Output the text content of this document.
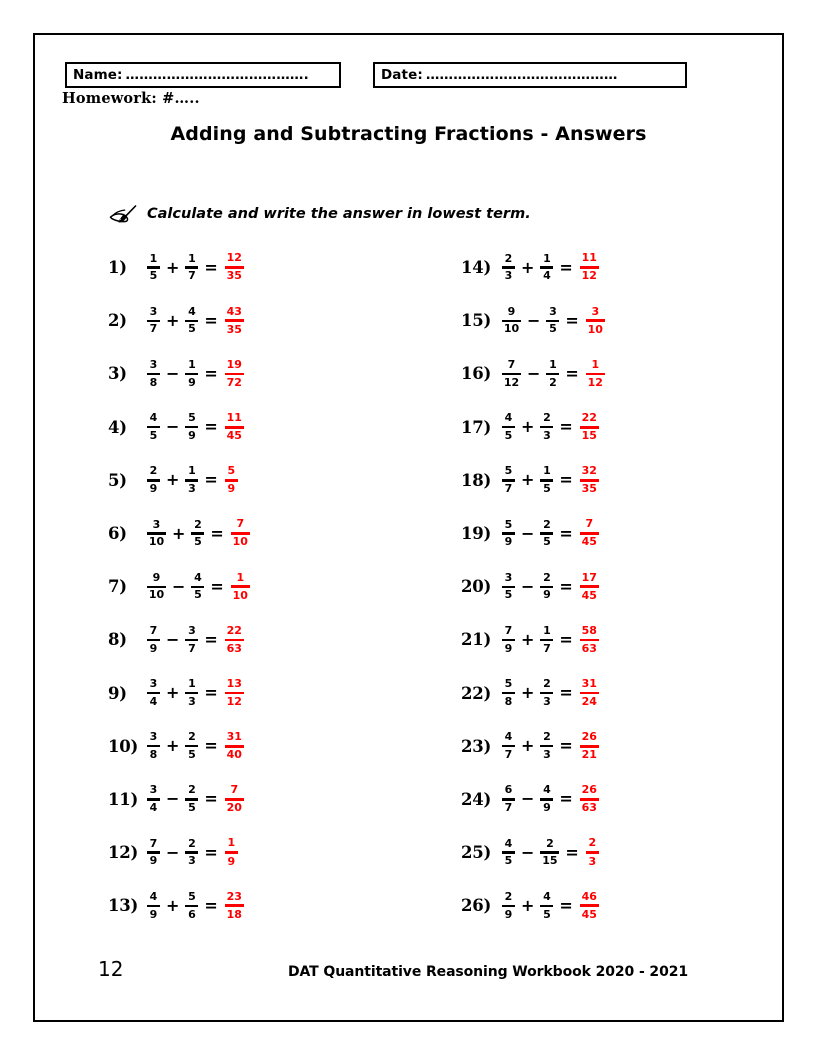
Name: ………………………………….	Date: ……………………………………
Homework: #…..
Adding and Subtracting Fractions - Answers
Calculate and write the answer in lowest term.
1)	$\frac{1}{5} + \frac{1}{7} = \frac{12}{35}$
2)	$\frac{3}{7} + \frac{4}{5} = \frac{43}{35}$
3)	$\frac{3}{8} - \frac{1}{9} = \frac{19}{72}$
4)	$\frac{4}{5} - \frac{5}{9} = \frac{11}{45}$
5)	$\frac{2}{9} + \frac{1}{3} = \frac{5}{9}$
6)	$\frac{3}{10} + \frac{2}{5} = \frac{7}{10}$
7)	$\frac{9}{10} - \frac{4}{5} = \frac{1}{10}$
8)	$\frac{7}{9} - \frac{3}{7} = \frac{22}{63}$
9)	$\frac{3}{4} + \frac{1}{3} = \frac{13}{12}$
$10) \frac{3}{8} + \frac{2}{5} = \frac{31}{40}$
$11) \frac{3}{4} - \frac{2}{5} = \frac{7}{20}$
$12) \frac{7}{9} - \frac{2}{3} = \frac{1}{9}$
$13) \frac{4}{9} + \frac{5}{6} = \frac{23}{18}$
$14) \frac{2}{3} + \frac{1}{4} = \frac{11}{12}$
$15) \frac{9}{10} - \frac{3}{5} = \frac{3}{10}$
$16) \frac{7}{12} - \frac{1}{2} = \frac{1}{12}$
$17) \frac{4}{5} + \frac{2}{3} = \frac{22}{15}$
$18) \frac{5}{7} + \frac{1}{5} = \frac{32}{35}$
$19) \frac{5}{9} - \frac{2}{5} = \frac{7}{45}$
$20) \frac{3}{5} - \frac{2}{9} = \frac{17}{45}$
$21) \frac{7}{9} + \frac{1}{7} = \frac{58}{63}$
$22) \frac{5}{8} + \frac{2}{3} = \frac{31}{24}$
$23) \frac{4}{7} + \frac{2}{3} = \frac{26}{21}$
$24) \frac{6}{7} - \frac{4}{9} = \frac{26}{63}$
$25) \frac{4}{5} - \frac{2}{15} = \frac{2}{3}$
$26) \frac{2}{9} + \frac{4}{5} = \frac{46}{45}$
12	DAT Quantitative Reasoning Workbook 2020 - 2021
